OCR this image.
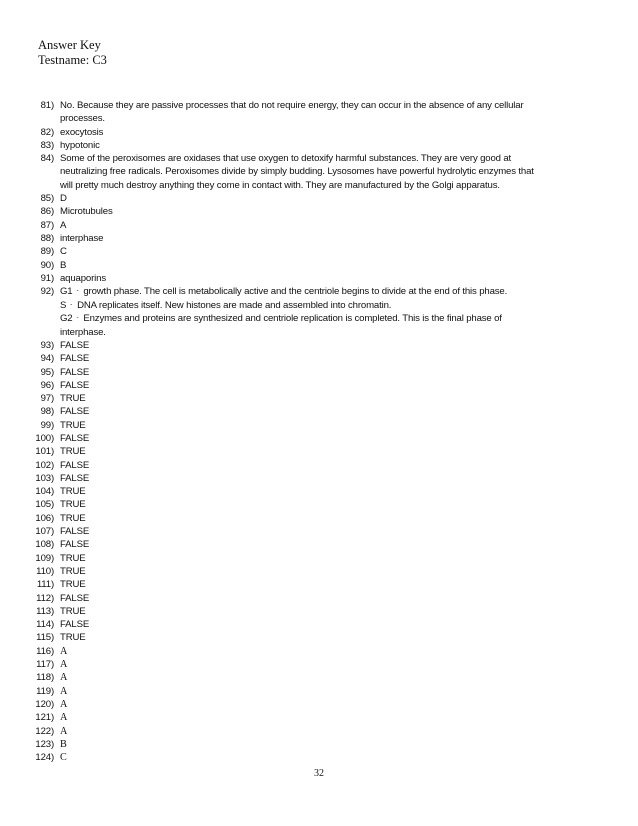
Answer Key
Testname: C3
81) No. Because they are passive processes that do not require energy, they can occur in the absence of any cellular
processes.
82) exocytosis
83) hypotonic
84) Some of the peroxisomes are oxidases that use oxygen to detoxify harmful substances. They are very good at
neutralizing free radicals. Peroxisomes divide by simply budding. Lysosomes have powerful hydrolytic enzymes that
will pretty much destroy anything they come in contact with. They are manufactured by the Golgi apparatus.
85) D
86) Microtubules
87) A
88) interphase
89) C
90) B
91) aquaporins
92) G1 - growth phase. The cell is metabolically active and the centriole begins to divide at the end of this phase.
S - DNA replicates itself. New histones are made and assembled into chromatin.
G2 - Enzymes and proteins are synthesized and centriole replication is completed. This is the final phase of
interphase.
93) FALSE
94) FALSE
95) FALSE
96) FALSE
97) TRUE
98) FALSE
99) TRUE
100) FALSE
101) TRUE
102) FALSE
103) FALSE
104) TRUE
105) TRUE
106) TRUE
107) FALSE
108) FALSE
109) TRUE
110) TRUE
111) TRUE
112) FALSE
113) TRUE
114) FALSE
115) TRUE
116) A
117) A
118) A
119) A
120) A
121) A
122) A
123) B
124) C
32
